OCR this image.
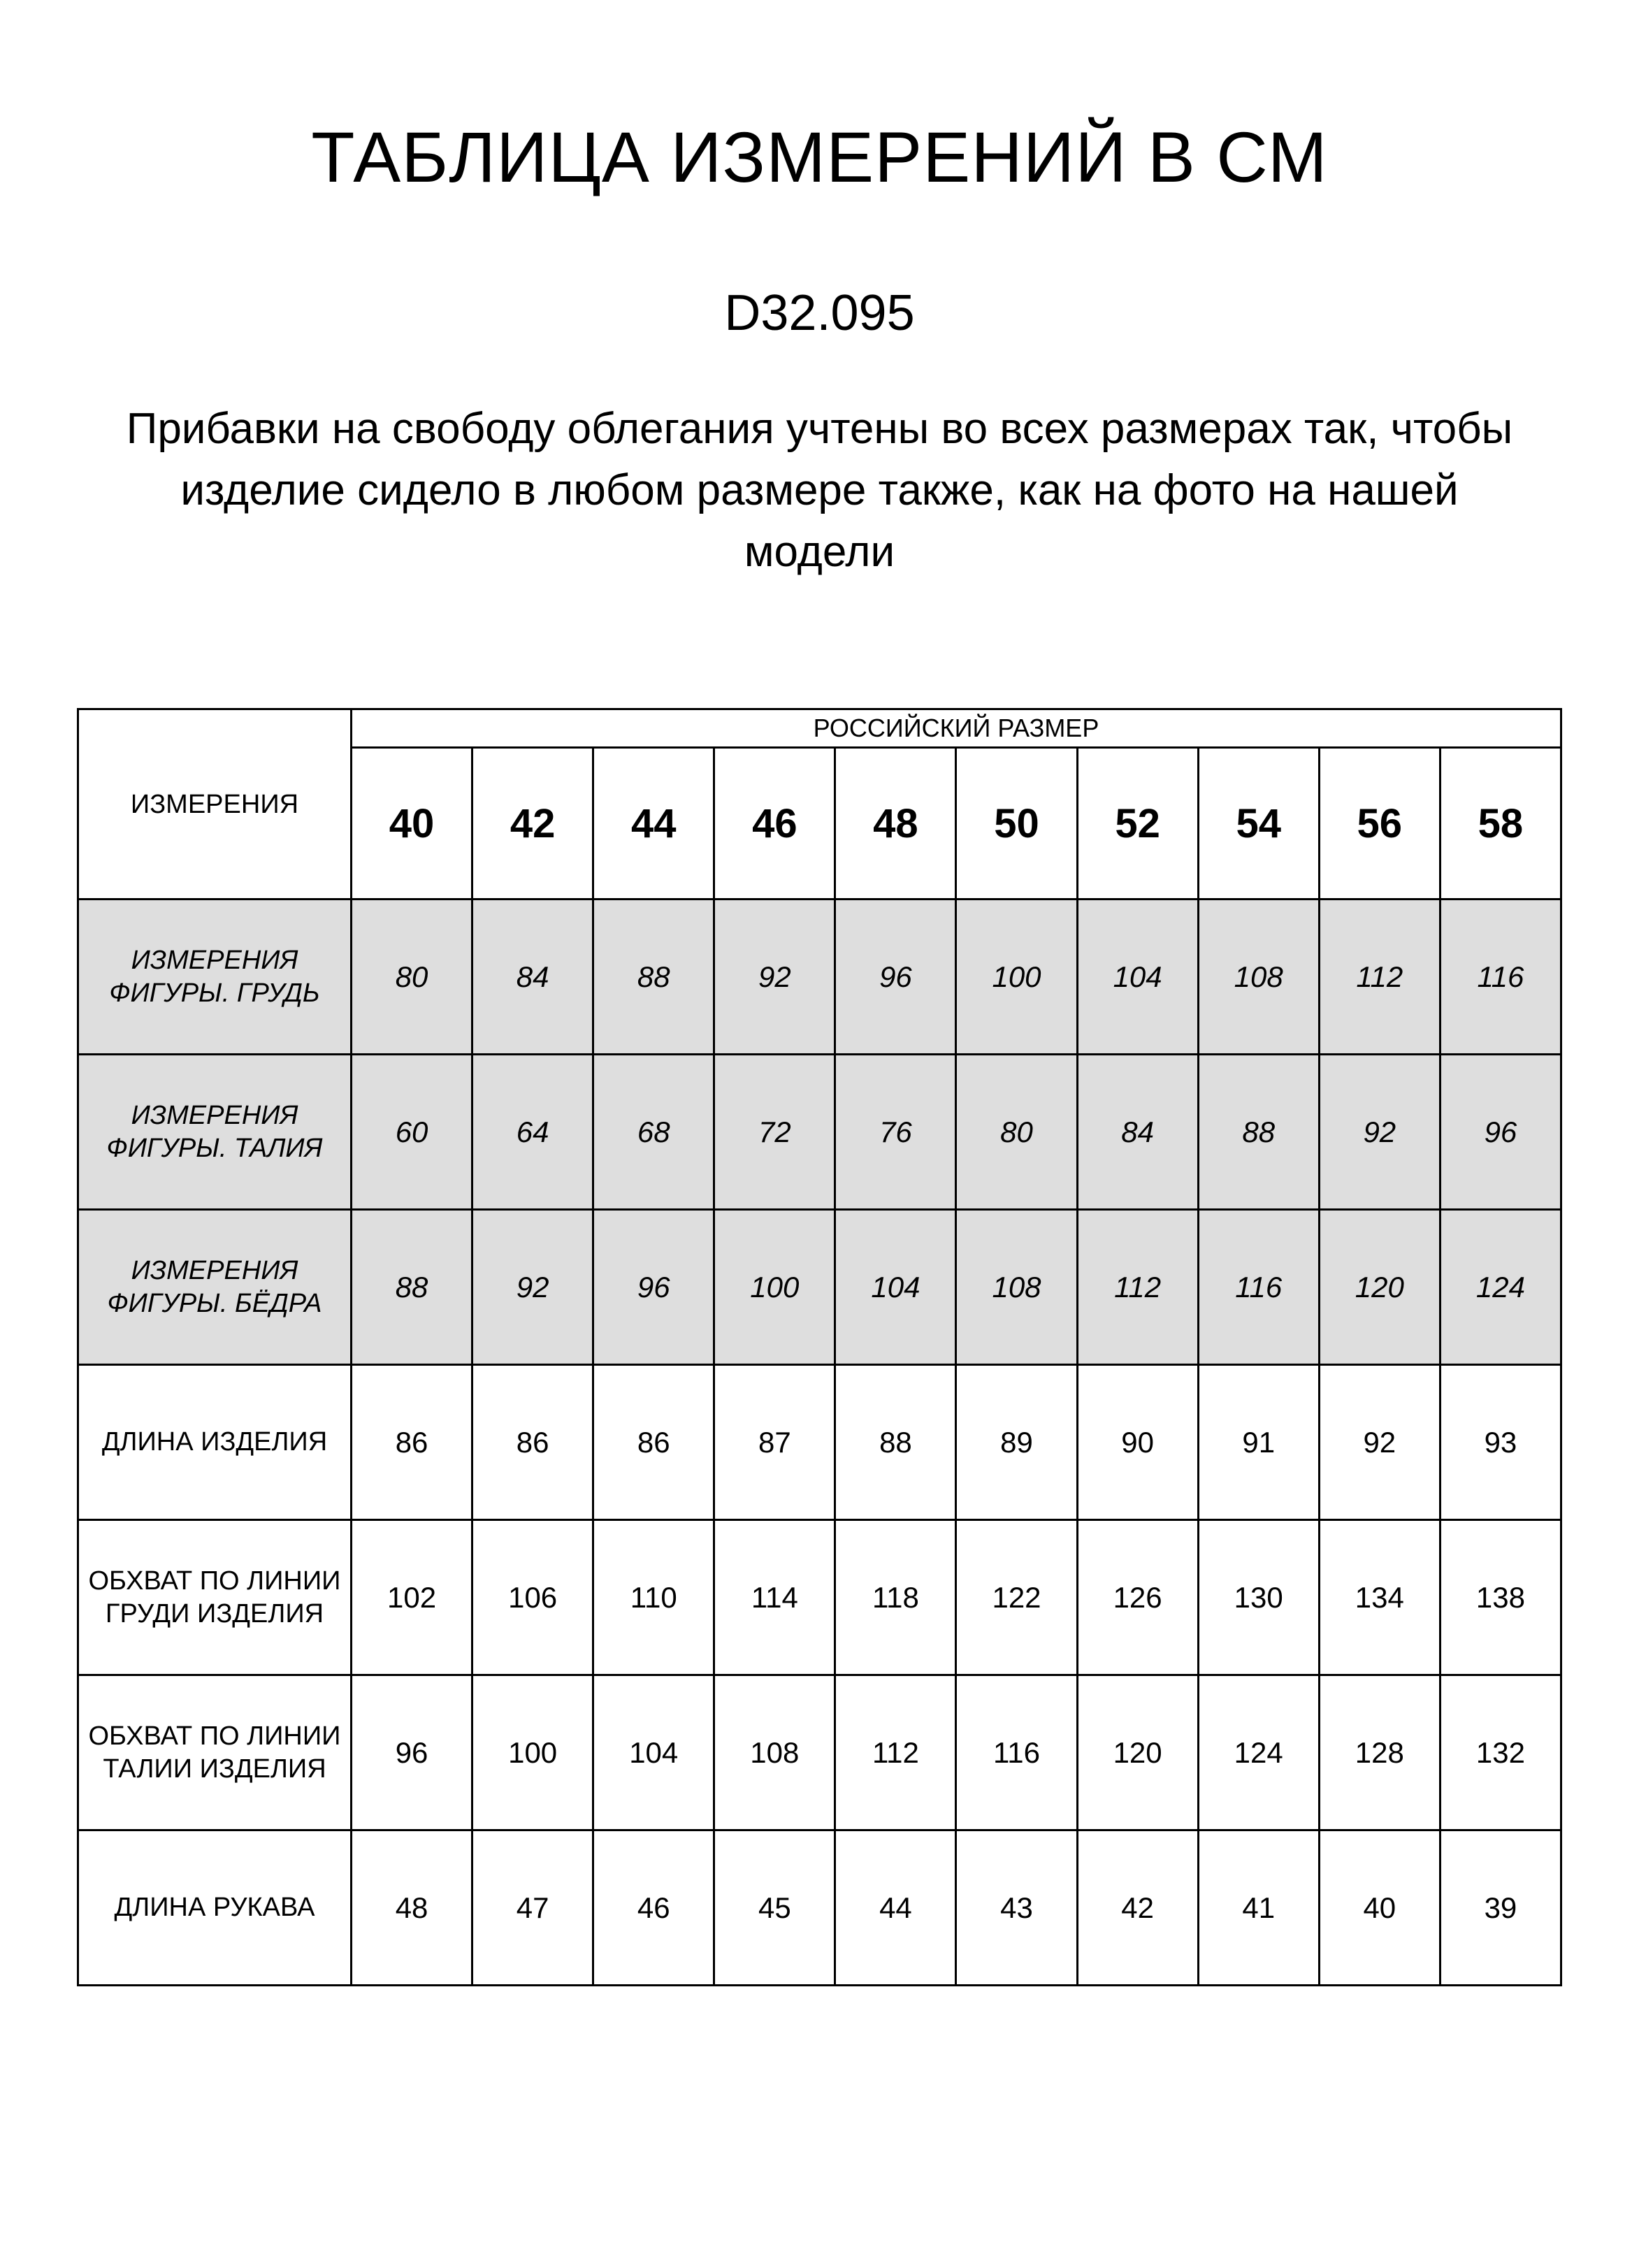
ТАБЛИЦА ИЗМЕРЕНИЙ В СМ
D32.095
Прибавки на свободу облегания учтены во всех размерах так, чтобы изделие сидело в любом размере также, как на фото на нашей модели
ИЗМЕРЕНИЯ	РОССИЙСКИЙ РАЗМЕР									
	40	42	44	46	48	50	52	54	56	58
ИЗМЕРЕНИЯ ФИГУРЫ. ГРУДЬ	80	84	88	92	96	100	104	108	112	116
ИЗМЕРЕНИЯ ФИГУРЫ. ТАЛИЯ	60	64	68	72	76	80	84	88	92	96
ИЗМЕРЕНИЯ ФИГУРЫ. БЁДРА	88	92	96	100	104	108	112	116	120	124
ДЛИНА ИЗДЕЛИЯ	86	86	86	87	88	89	90	91	92	93
ОБХВАТ ПО ЛИНИИ ГРУДИ ИЗДЕЛИЯ	102	106	110	114	118	122	126	130	134	138
ОБХВАТ ПО ЛИНИИ ТАЛИИ ИЗДЕЛИЯ	96	100	104	108	112	116	120	124	128	132
ДЛИНА РУКАВА	48	47	46	45	44	43	42	41	40	39
